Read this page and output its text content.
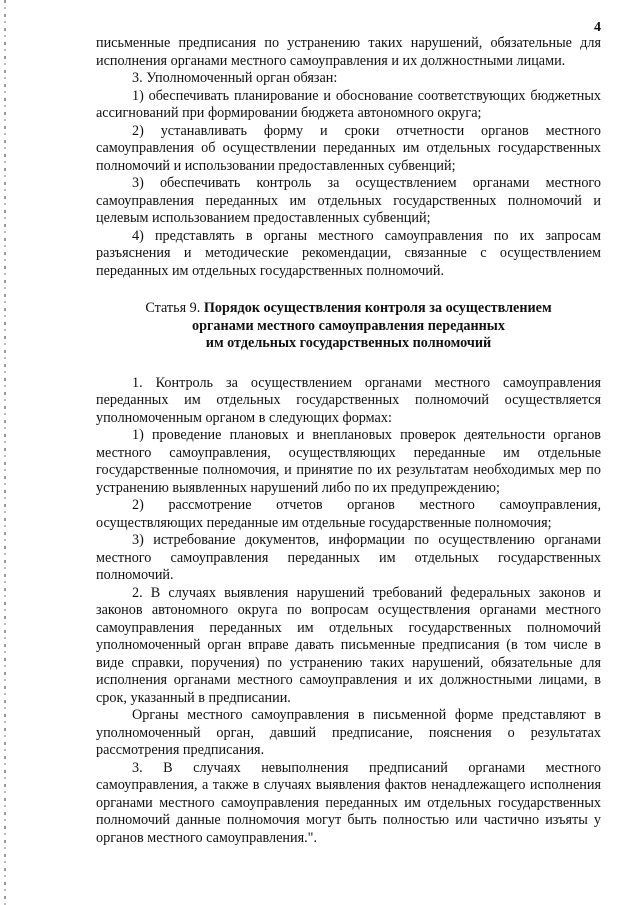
4

письменные предписания по устранению таких нарушений, обязательные для исполнения органами местного самоуправления и их должностными лицами.

3. Уполномоченный орган обязан:

1) обеспечивать планирование и обоснование соответствующих бюджетных ассигнований при формировании бюджета автономного округа;

2) устанавливать форму и сроки отчетности органов местного самоуправления об осуществлении переданных им отдельных государственных полномочий и использовании предоставленных субвенций;

3) обеспечивать контроль за осуществлением органами местного самоуправления переданных им отдельных государственных полномочий и целевым использованием предоставленных субвенций;

4) представлять в органы местного самоуправления по их запросам разъяснения и методические рекомендации, связанные с осуществлением переданных им отдельных государственных полномочий.

Статья 9. Порядок осуществления контроля за осуществлением
органами местного самоуправления переданных
им отдельных государственных полномочий

1. Контроль за осуществлением органами местного самоуправления переданных им отдельных государственных полномочий осуществляется уполномоченным органом в следующих формах:

1) проведение плановых и внеплановых проверок деятельности органов местного самоуправления, осуществляющих переданные им отдельные государственные полномочия, и принятие по их результатам необходимых мер по устранению выявленных нарушений либо по их предупреждению;

2) рассмотрение отчетов органов местного самоуправления, осуществляющих переданные им отдельные государственные полномочия;

3) истребование документов, информации по осуществлению органами местного самоуправления переданных им отдельных государственных полномочий.

2. В случаях выявления нарушений требований федеральных законов и законов автономного округа по вопросам осуществления органами местного самоуправления переданных им отдельных государственных полномочий уполномоченный орган вправе давать письменные предписания (в том числе в виде справки, поручения) по устранению таких нарушений, обязательные для исполнения органами местного самоуправления и их должностными лицами, в срок, указанный в предписании.

Органы местного самоуправления в письменной форме представляют в уполномоченный орган, давший предписание, пояснения о результатах рассмотрения предписания.

3. В случаях невыполнения предписаний органами местного самоуправления, а также в случаях выявления фактов ненадлежащего исполнения органами местного самоуправления переданных им отдельных государственных полномочий данные полномочия могут быть полностью или частично изъяты у органов местного самоуправления.".
